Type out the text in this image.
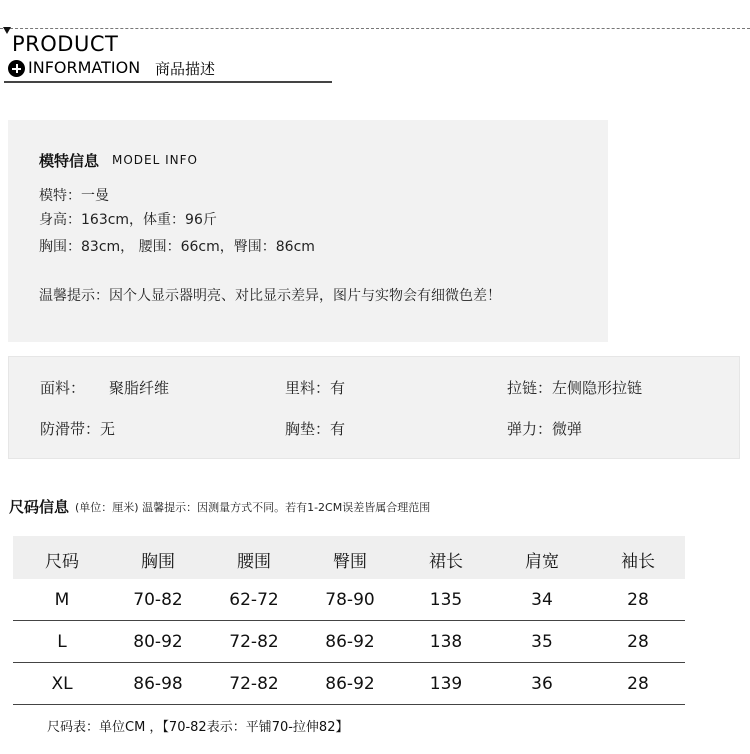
PRODUCT
INFORMATION 商品描述
模特信息 MODEL INFO
模特：一曼
身高：163cm，体重：96斤
胸围：83cm， 腰围：66cm，臀围：86cm
温馨提示：因个人显示器明亮、对比显示差异，图片与实物会有细微色差！
面料： 聚脂纤维	里料：有	拉链：左侧隐形拉链
防滑带：无	胸垫：有	弹力：微弹
尺码信息 (单位：厘米) 温馨提示：因测量方式不同。若有1-2CM误差皆属合理范围
尺码	胸围	腰围	臀围	裙长	肩宽	袖长
M	70-82	62-72	78-90	135	34	28
L	80-92	72-82	86-92	138	35	28
XL	86-98	72-82	86-92	139	36	28
尺码表：单位CM ，【70-82表示：平铺70-拉伸82】
